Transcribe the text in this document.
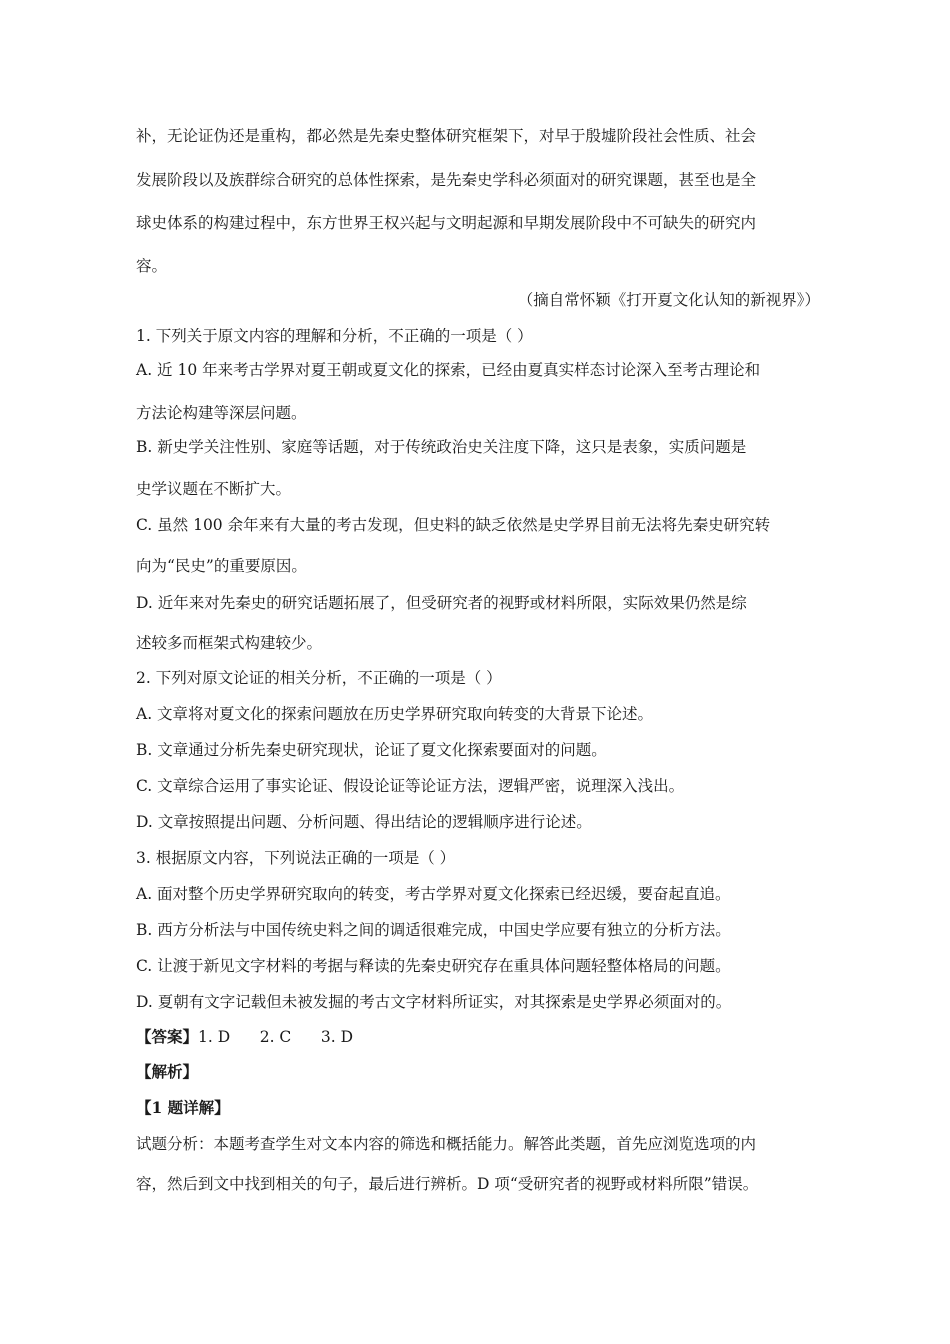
补，无论证伪还是重构，都必然是先秦史整体研究框架下，对早于殷墟阶段社会性质、社会
发展阶段以及族群综合研究的总体性探索，是先秦史学科必须面对的研究课题，甚至也是全
球史体系的构建过程中，东方世界王权兴起与文明起源和早期发展阶段中不可缺失的研究内
容。
（摘自常怀颖《打开夏文化认知的新视界》）
1. 下列关于原文内容的理解和分析，不正确的一项是（ ）
A. 近 10 年来考古学界对夏王朝或夏文化的探索，已经由夏真实样态讨论深入至考古理论和
方法论构建等深层问题。
B. 新史学关注性别、家庭等话题，对于传统政治史关注度下降，这只是表象，实质问题是
史学议题在不断扩大。
C. 虽然 100 余年来有大量的考古发现，但史料的缺乏依然是史学界目前无法将先秦史研究转
向为“民史”的重要原因。
D. 近年来对先秦史的研究话题拓展了，但受研究者的视野或材料所限，实际效果仍然是综
述较多而框架式构建较少。
2. 下列对原文论证的相关分析，不正确的一项是（ ）
A. 文章将对夏文化的探索问题放在历史学界研究取向转变的大背景下论述。
B. 文章通过分析先秦史研究现状，论证了夏文化探索要面对的问题。
C. 文章综合运用了事实论证、假设论证等论证方法，逻辑严密，说理深入浅出。
D. 文章按照提出问题、分析问题、得出结论的逻辑顺序进行论述。
3. 根据原文内容，下列说法正确的一项是（ ）
A. 面对整个历史学界研究取向的转变，考古学界对夏文化探索已经迟缓，要奋起直追。
B. 西方分析法与中国传统史料之间的调适很难完成，中国史学应要有独立的分析方法。
C. 让渡于新见文字材料的考据与释读的先秦史研究存在重具体问题轻整体格局的问题。
D. 夏朝有文字记载但未被发掘的考古文字材料所证实，对其探索是史学界必须面对的。
【答案】1. D      2. C      3. D
【解析】
【1 题详解】
试题分析：本题考查学生对文本内容的筛选和概括能力。解答此类题，首先应浏览选项的内
容，然后到文中找到相关的句子，最后进行辨析。D 项“受研究者的视野或材料所限”错误。
